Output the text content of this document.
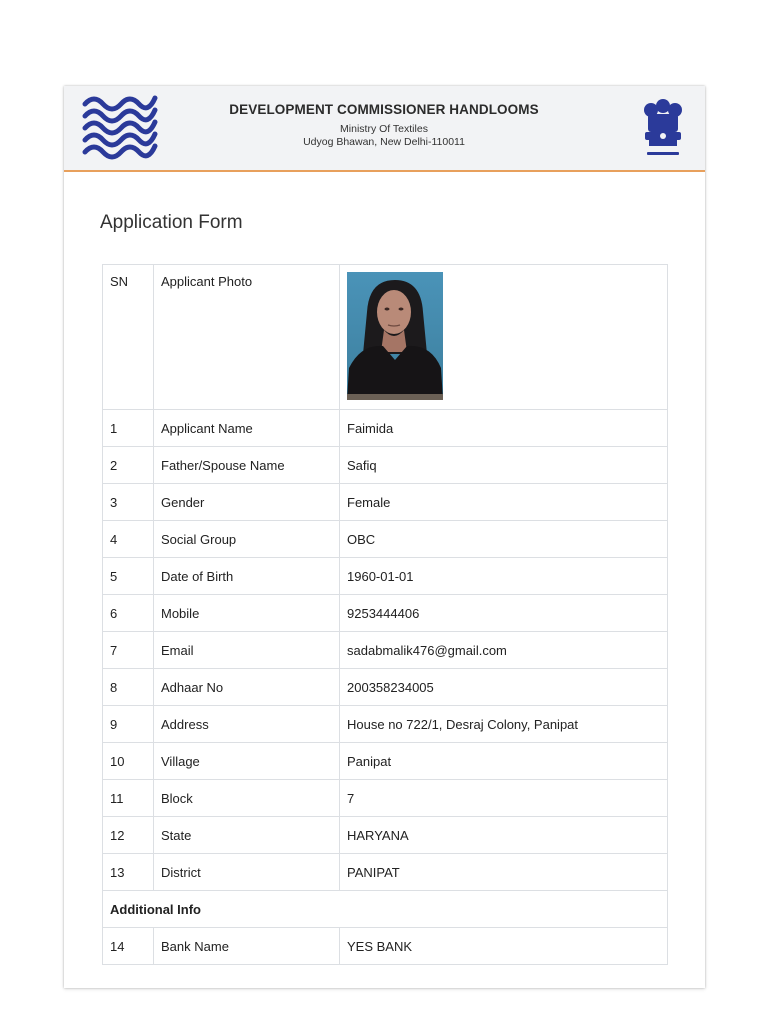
DEVELOPMENT COMMISSIONER HANDLOOMS
Ministry Of Textiles
Udyog Bhawan, New Delhi-110011
Application Form
SN	Applicant Photo	

1	Applicant Name	Faimida
2	Father/Spouse Name	Safiq
3	Gender	Female
4	Social Group	OBC
5	Date of Birth	1960-01-01
6	Mobile	9253444406
7	Email	sadabmalik476@gmail.com
8	Adhaar No	200358234005
9	Address	House no 722/1, Desraj Colony, Panipat
10	Village	Panipat
11	Block	7
12	State	HARYANA
13	District	PANIPAT
Additional Info		
14	Bank Name	YES BANK
